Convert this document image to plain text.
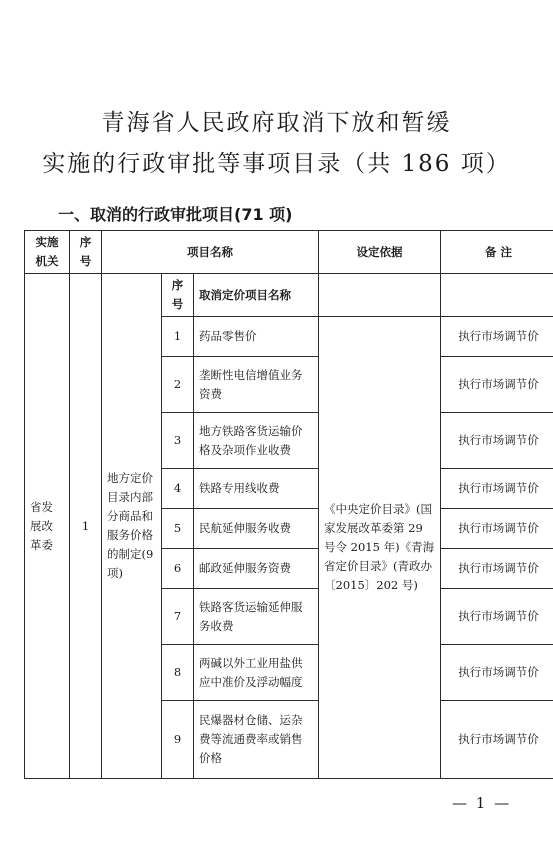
青海省人民政府取消下放和暂缓
实施的行政审批等事项目录（共 186 项）
一、取消的行政审批项目(71 项)
实施机关	序号	项目名称			设定依据	备 注
省发展改革委	1	地方定价目录内部分商品和服务价格的制定(9项)	序号	取消定价项目名称		
			1	药品零售价	《中央定价目录》(国家发展改革委第 29 号令 2015 年)《青海省定价目录》(青政办〔2015〕202 号)	执行市场调节价
			2	垄断性电信增值业务资费		执行市场调节价
			3	地方铁路客货运输价格及杂项作业收费		执行市场调节价
			4	铁路专用线收费		执行市场调节价
			5	民航延伸服务收费		执行市场调节价
			6	邮政延伸服务资费		执行市场调节价
			7	铁路客货运输延伸服务收费		执行市场调节价
			8	两碱以外工业用盐供应中准价及浮动幅度		执行市场调节价
			9	民爆器材仓储、运杂费等流通费率或销售价格		执行市场调节价
— 1 —
